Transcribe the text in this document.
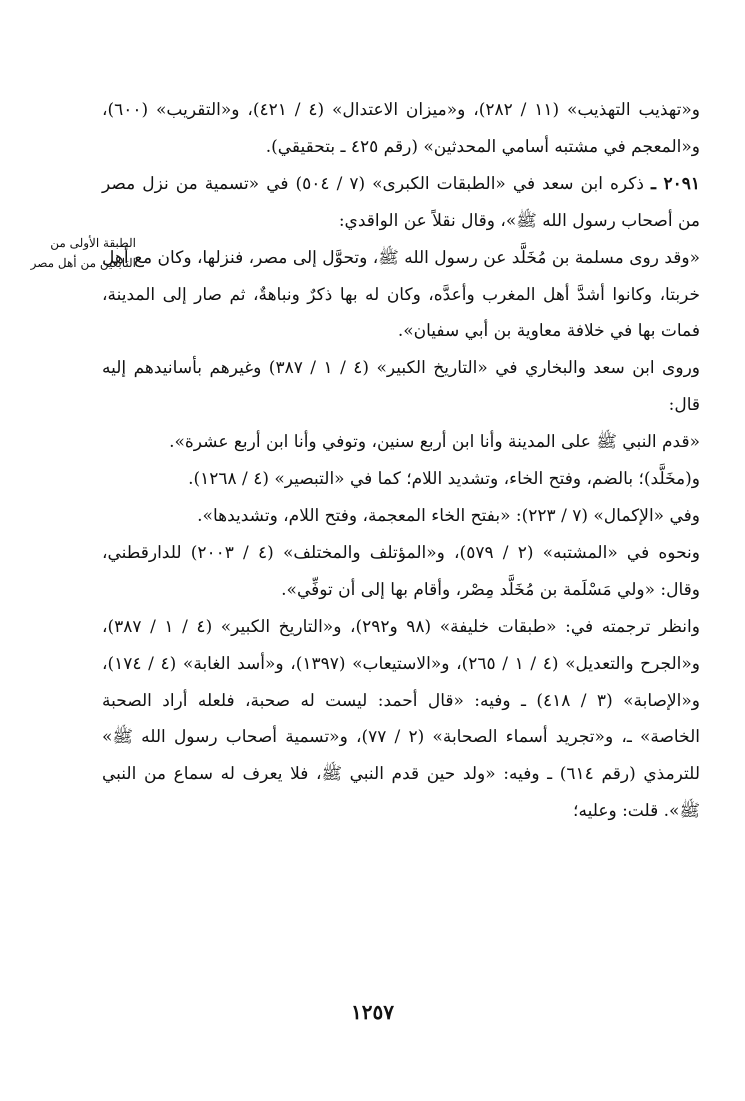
الطبقة الأولى من
التابعين من أهل مصر

و«تهذيب التهذيب» (١١ / ٢٨٢)، و«ميزان الاعتدال» (٤ / ٤٢١)، و«التقريب» (٦٠٠)، و«المعجم في مشتبه أسامي المحدثين» (رقم ٤٢٥ ـ بتحقيقي).

٢٠٩١ ـ ذكره ابن سعد في «الطبقات الكبرى» (٧ / ٥٠٤) في «تسمية من نزل مصر من أصحاب رسول الله ﷺ»، وقال نقلاً عن الواقدي:

«وقد روى مسلمة بن مُخَلَّد عن رسول الله ﷺ، وتحوَّل إلى مصر، فنزلها، وكان مع أهل خربتا، وكانوا أشدَّ أهل المغرب وأعدَّه، وكان له بها ذكرٌ ونباهةٌ، ثم صار إلى المدينة، فمات بها في خلافة معاوية بن أبي سفيان».

وروى ابن سعد والبخاري في «التاريخ الكبير» (٤ / ١ / ٣٨٧) وغيرهم بأسانيدهم إليه قال:

«قدم النبي ﷺ على المدينة وأنا ابن أربع سنين، وتوفي وأنا ابن أربع عشرة».

و(مخَلَّد)؛ بالضم، وفتح الخاء، وتشديد اللام؛ كما في «التبصير» (٤ / ١٢٦٨).

وفي «الإكمال» (٧ / ٢٢٣): «بفتح الخاء المعجمة، وفتح اللام، وتشديدها».

ونحوه في «المشتبه» (٢ / ٥٧٩)، و«المؤتلف والمختلف» (٤ / ٢٠٠٣) للدارقطني، وقال: «ولي مَسْلَمة بن مُخَلَّد مِصْر، وأقام بها إلى أن توفِّي».

وانظر ترجمته في: «طبقات خليفة» (٩٨ و٢٩٢)، و«التاريخ الكبير» (٤ / ١ / ٣٨٧)، و«الجرح والتعديل» (٤ / ١ / ٢٦٥)، و«الاستيعاب» (١٣٩٧)، و«أسد الغابة» (٤ / ١٧٤)، و«الإصابة» (٣ / ٤١٨) ـ وفيه: «قال أحمد: ليست له صحبة، فلعله أراد الصحبة الخاصة» ـ، و«تجريد أسماء الصحابة» (٢ / ٧٧)، و«تسمية أصحاب رسول الله ﷺ» للترمذي (رقم ٦١٤) ـ وفيه: «ولد حين قدم النبي ﷺ، فلا يعرف له سماع من النبي ﷺ». قلت: وعليه؛

١٢٥٧
